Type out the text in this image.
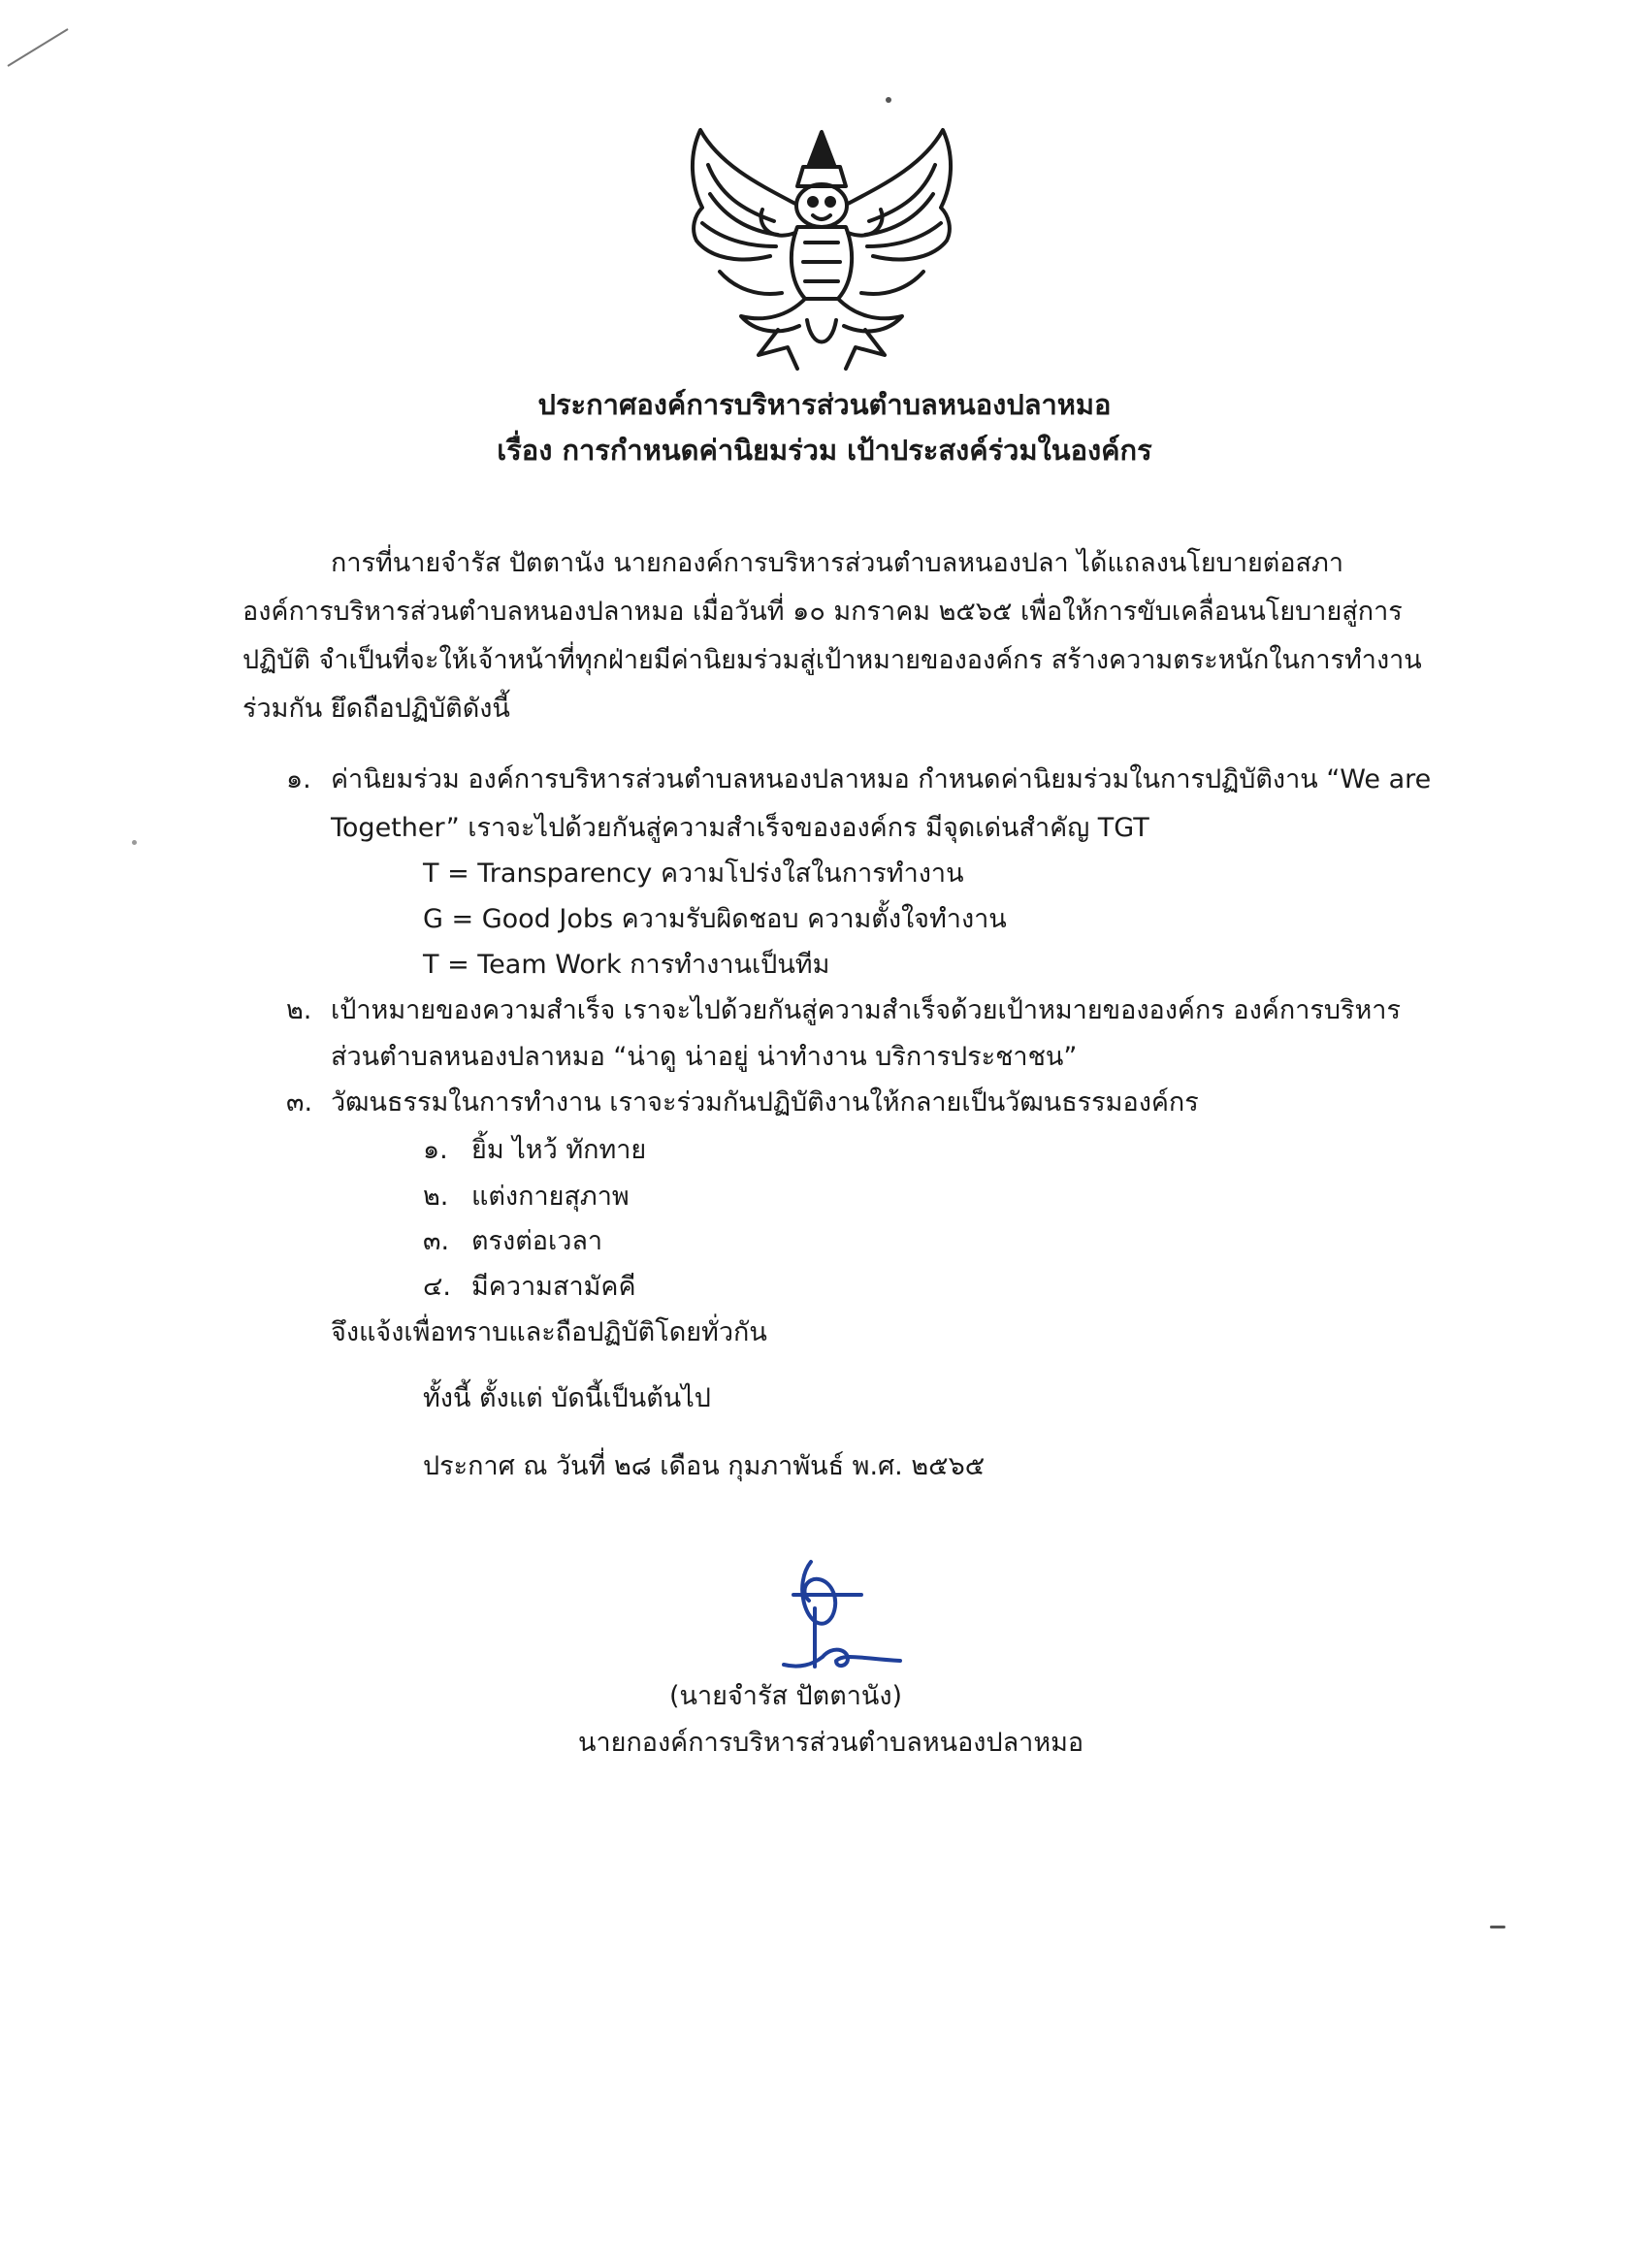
ประกาศองค์การบริหารส่วนตำบลหนองปลาหมอ
เรื่อง การกำหนดค่านิยมร่วม เป้าประสงค์ร่วมในองค์กร
การที่นายจำรัส ปัตตานัง นายกองค์การบริหารส่วนตำบลหนองปลา ได้แถลงนโยบายต่อสภา
องค์การบริหารส่วนตำบลหนองปลาหมอ เมื่อวันที่ ๑๐ มกราคม ๒๕๖๕ เพื่อให้การขับเคลื่อนนโยบายสู่การ
ปฏิบัติ จำเป็นที่จะให้เจ้าหน้าที่ทุกฝ่ายมีค่านิยมร่วมสู่เป้าหมายขององค์กร สร้างความตระหนักในการทำงาน
ร่วมกัน ยึดถือปฏิบัติดังนี้
๑. ค่านิยมร่วม องค์การบริหารส่วนตำบลหนองปลาหมอ กำหนดค่านิยมร่วมในการปฏิบัติงาน “We are
Together” เราจะไปด้วยกันสู่ความสำเร็จขององค์กร มีจุดเด่นสำคัญ TGT
T = Transparency ความโปร่งใสในการทำงาน
G = Good Jobs ความรับผิดชอบ ความตั้งใจทำงาน
T = Team Work การทำงานเป็นทีม
๒. เป้าหมายของความสำเร็จ เราจะไปด้วยกันสู่ความสำเร็จด้วยเป้าหมายขององค์กร องค์การบริหาร
ส่วนตำบลหนองปลาหมอ “น่าดู น่าอยู่ น่าทำงาน บริการประชาชน”
๓. วัฒนธรรมในการทำงาน เราจะร่วมกันปฏิบัติงานให้กลายเป็นวัฒนธรรมองค์กร
๑. ยิ้ม ไหว้ ทักทาย
๒. แต่งกายสุภาพ
๓. ตรงต่อเวลา
๔. มีความสามัคคี
จึงแจ้งเพื่อทราบและถือปฏิบัติโดยทั่วกัน
ทั้งนี้ ตั้งแต่ บัดนี้เป็นต้นไป
ประกาศ ณ วันที่ ๒๘ เดือน กุมภาพันธ์ พ.ศ. ๒๕๖๕
(นายจำรัส ปัตตานัง)
นายกองค์การบริหารส่วนตำบลหนองปลาหมอ
